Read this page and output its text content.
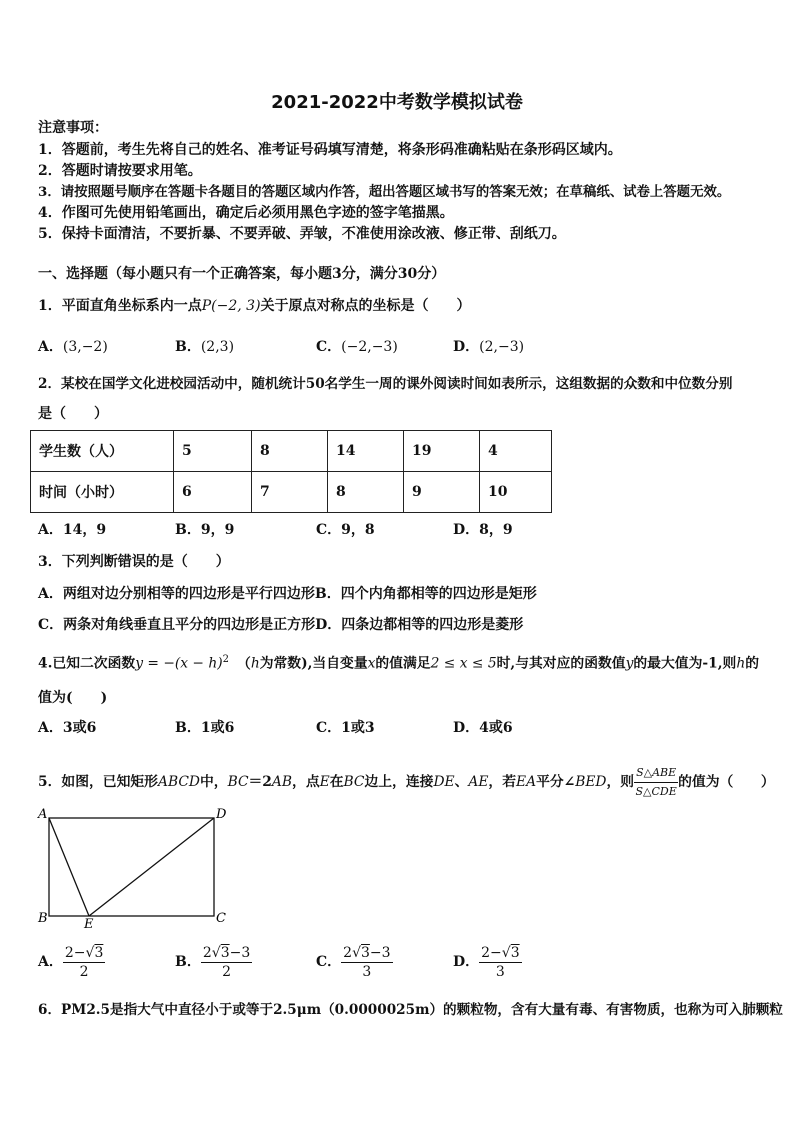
2021-2022中考数学模拟试卷
注意事项：
1．答题前，考生先将自己的姓名、准考证号码填写清楚，将条形码准确粘贴在条形码区域内。
2．答题时请按要求用笔。
3．请按照题号顺序在答题卡各题目的答题区域内作答，超出答题区域书写的答案无效；在草稿纸、试卷上答题无效。
4．作图可先使用铅笔画出，确定后必须用黑色字迹的签字笔描黑。
5．保持卡面清洁，不要折暴、不要弄破、弄皱，不准使用涂改液、修正带、刮纸刀。
一、选择题（每小题只有一个正确答案，每小题3分，满分30分）
1．平面直角坐标系内一点P(−2, 3)关于原点对称点的坐标是（　　）
A．(3,−2)	B．(2,3)	C．(−2,−3)	D．(2,−3)
2．某校在国学文化进校园活动中，随机统计50名学生一周的课外阅读时间如表所示，这组数据的众数和中位数分别
是（　　）
学生数（人）	5	8	14	19	4
时间（小时）	6	7	8	9	10
A．14，9	B．9，9	C．9，8	D．8，9
3．下列判断错误的是（　　）
A．两组对边分别相等的四边形是平行四边形B．四个内角都相等的四边形是矩形
C．两条对角线垂直且平分的四边形是正方形D．四条边都相等的四边形是菱形
4.已知二次函数$y = -(x - h)^2$ （h为常数),当自变量x的值满足2 ≤ x ≤ 5时,与其对应的函数值y的最大值为-1,则h的
值为(　　)
A．3或6	B．1或6	C．1或3	D．4或6
5．如图，已知矩形ABCD中，BC＝2AB，点E在BC边上，连接DE、AE，若EA平分∠BED，则 $\frac{\text{S△ABE}}{\text{S△CDE}}$ 的值为（　　）
A	D
B	C
E
A． $\frac{2-√3}{2}$	B． $\frac{2√3-3}{2}$	C． $\frac{2√3-3}{3}$	D． $\frac{2-√3}{3}$
6．PM2.5是指大气中直径小于或等于2.5μm（0.0000025m）的颗粒物，含有大量有毒、有害物质，也称为可入肺颗粒
